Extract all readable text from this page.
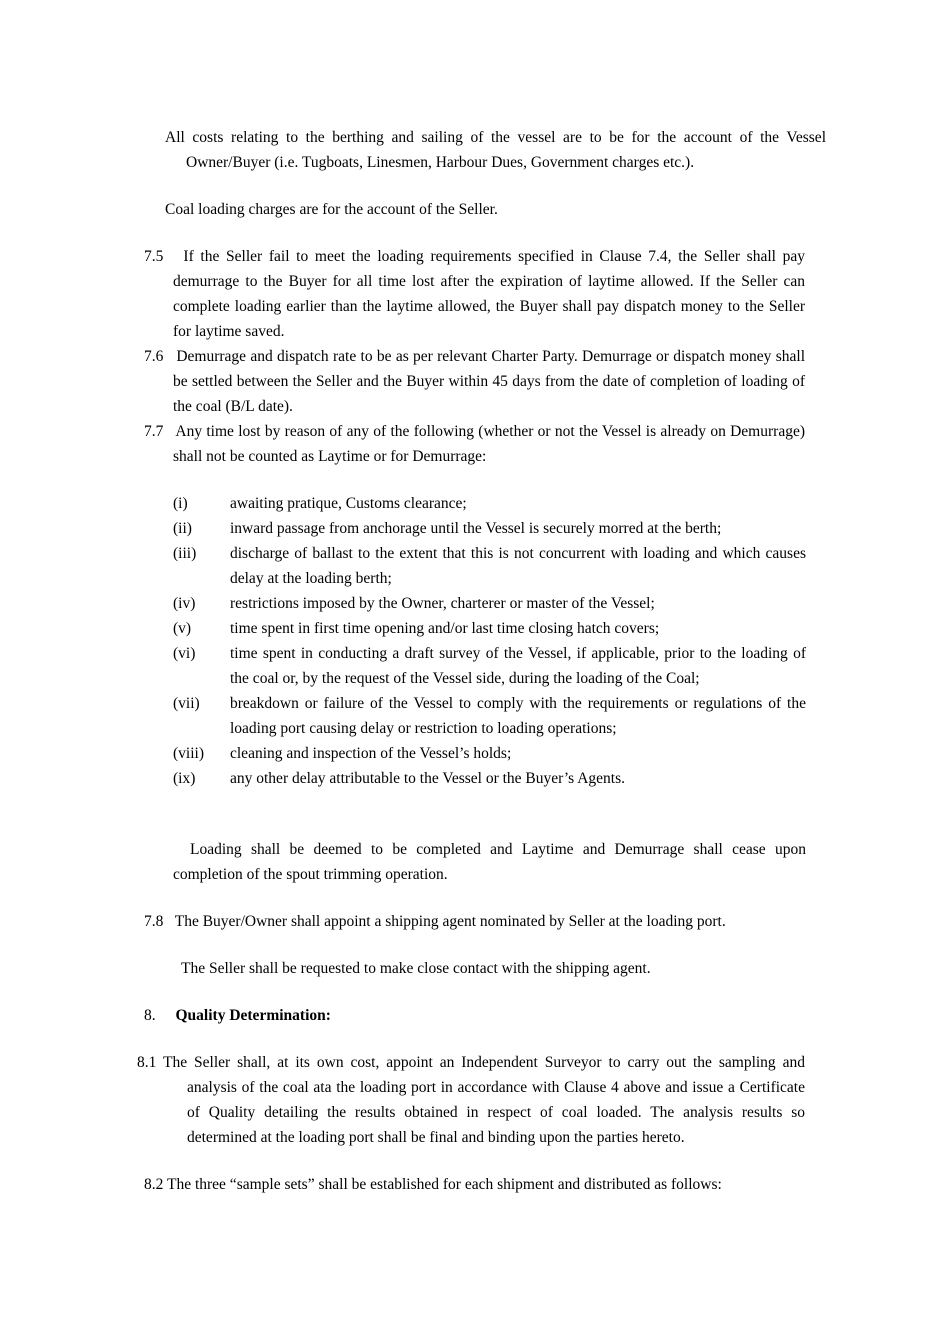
All costs relating to the berthing and sailing of the vessel are to be for the account of the Vessel Owner/Buyer (i.e. Tugboats, Linesmen, Harbour Dues, Government charges etc.).
Coal loading charges are for the account of the Seller.
7.5 If the Seller fail to meet the loading requirements specified in Clause 7.4, the Seller shall pay demurrage to the Buyer for all time lost after the expiration of laytime allowed. If the Seller can complete loading earlier than the laytime allowed, the Buyer shall pay dispatch money to the Seller for laytime saved.
7.6 Demurrage and dispatch rate to be as per relevant Charter Party. Demurrage or dispatch money shall be settled between the Seller and the Buyer within 45 days from the date of completion of loading of the coal (B/L date).
7.7 Any time lost by reason of any of the following (whether or not the Vessel is already on Demurrage) shall not be counted as Laytime or for Demurrage:
(i)	awaiting pratique, Customs clearance;
(ii)	inward passage from anchorage until the Vessel is securely morred at the berth;
(iii)	discharge of ballast to the extent that this is not concurrent with loading and which causes delay at the loading berth;
(iv)	restrictions imposed by the Owner, charterer or master of the Vessel;
(v)	time spent in first time opening and/or last time closing hatch covers;
(vi)	time spent in conducting a draft survey of the Vessel, if applicable, prior to the loading of the coal or, by the request of the Vessel side, during the loading of the Coal;
(vii)	breakdown or failure of the Vessel to comply with the requirements or regulations of the loading port causing delay or restriction to loading operations;
(viii)	cleaning and inspection of the Vessel’s holds;
(ix)	any other delay attributable to the Vessel or the Buyer’s Agents.
Loading shall be deemed to be completed and Laytime and Demurrage shall cease upon completion of the spout trimming operation.
7.8 The Buyer/Owner shall appoint a shipping agent nominated by Seller at the loading port.
The Seller shall be requested to make close contact with the shipping agent.
8. Quality Determination:
8.1 The Seller shall, at its own cost, appoint an Independent Surveyor to carry out the sampling and analysis of the coal ata the loading port in accordance with Clause 4 above and issue a Certificate of Quality detailing the results obtained in respect of coal loaded. The analysis results so determined at the loading port shall be final and binding upon the parties hereto.
8.2 The three “sample sets” shall be established for each shipment and distributed as follows:
